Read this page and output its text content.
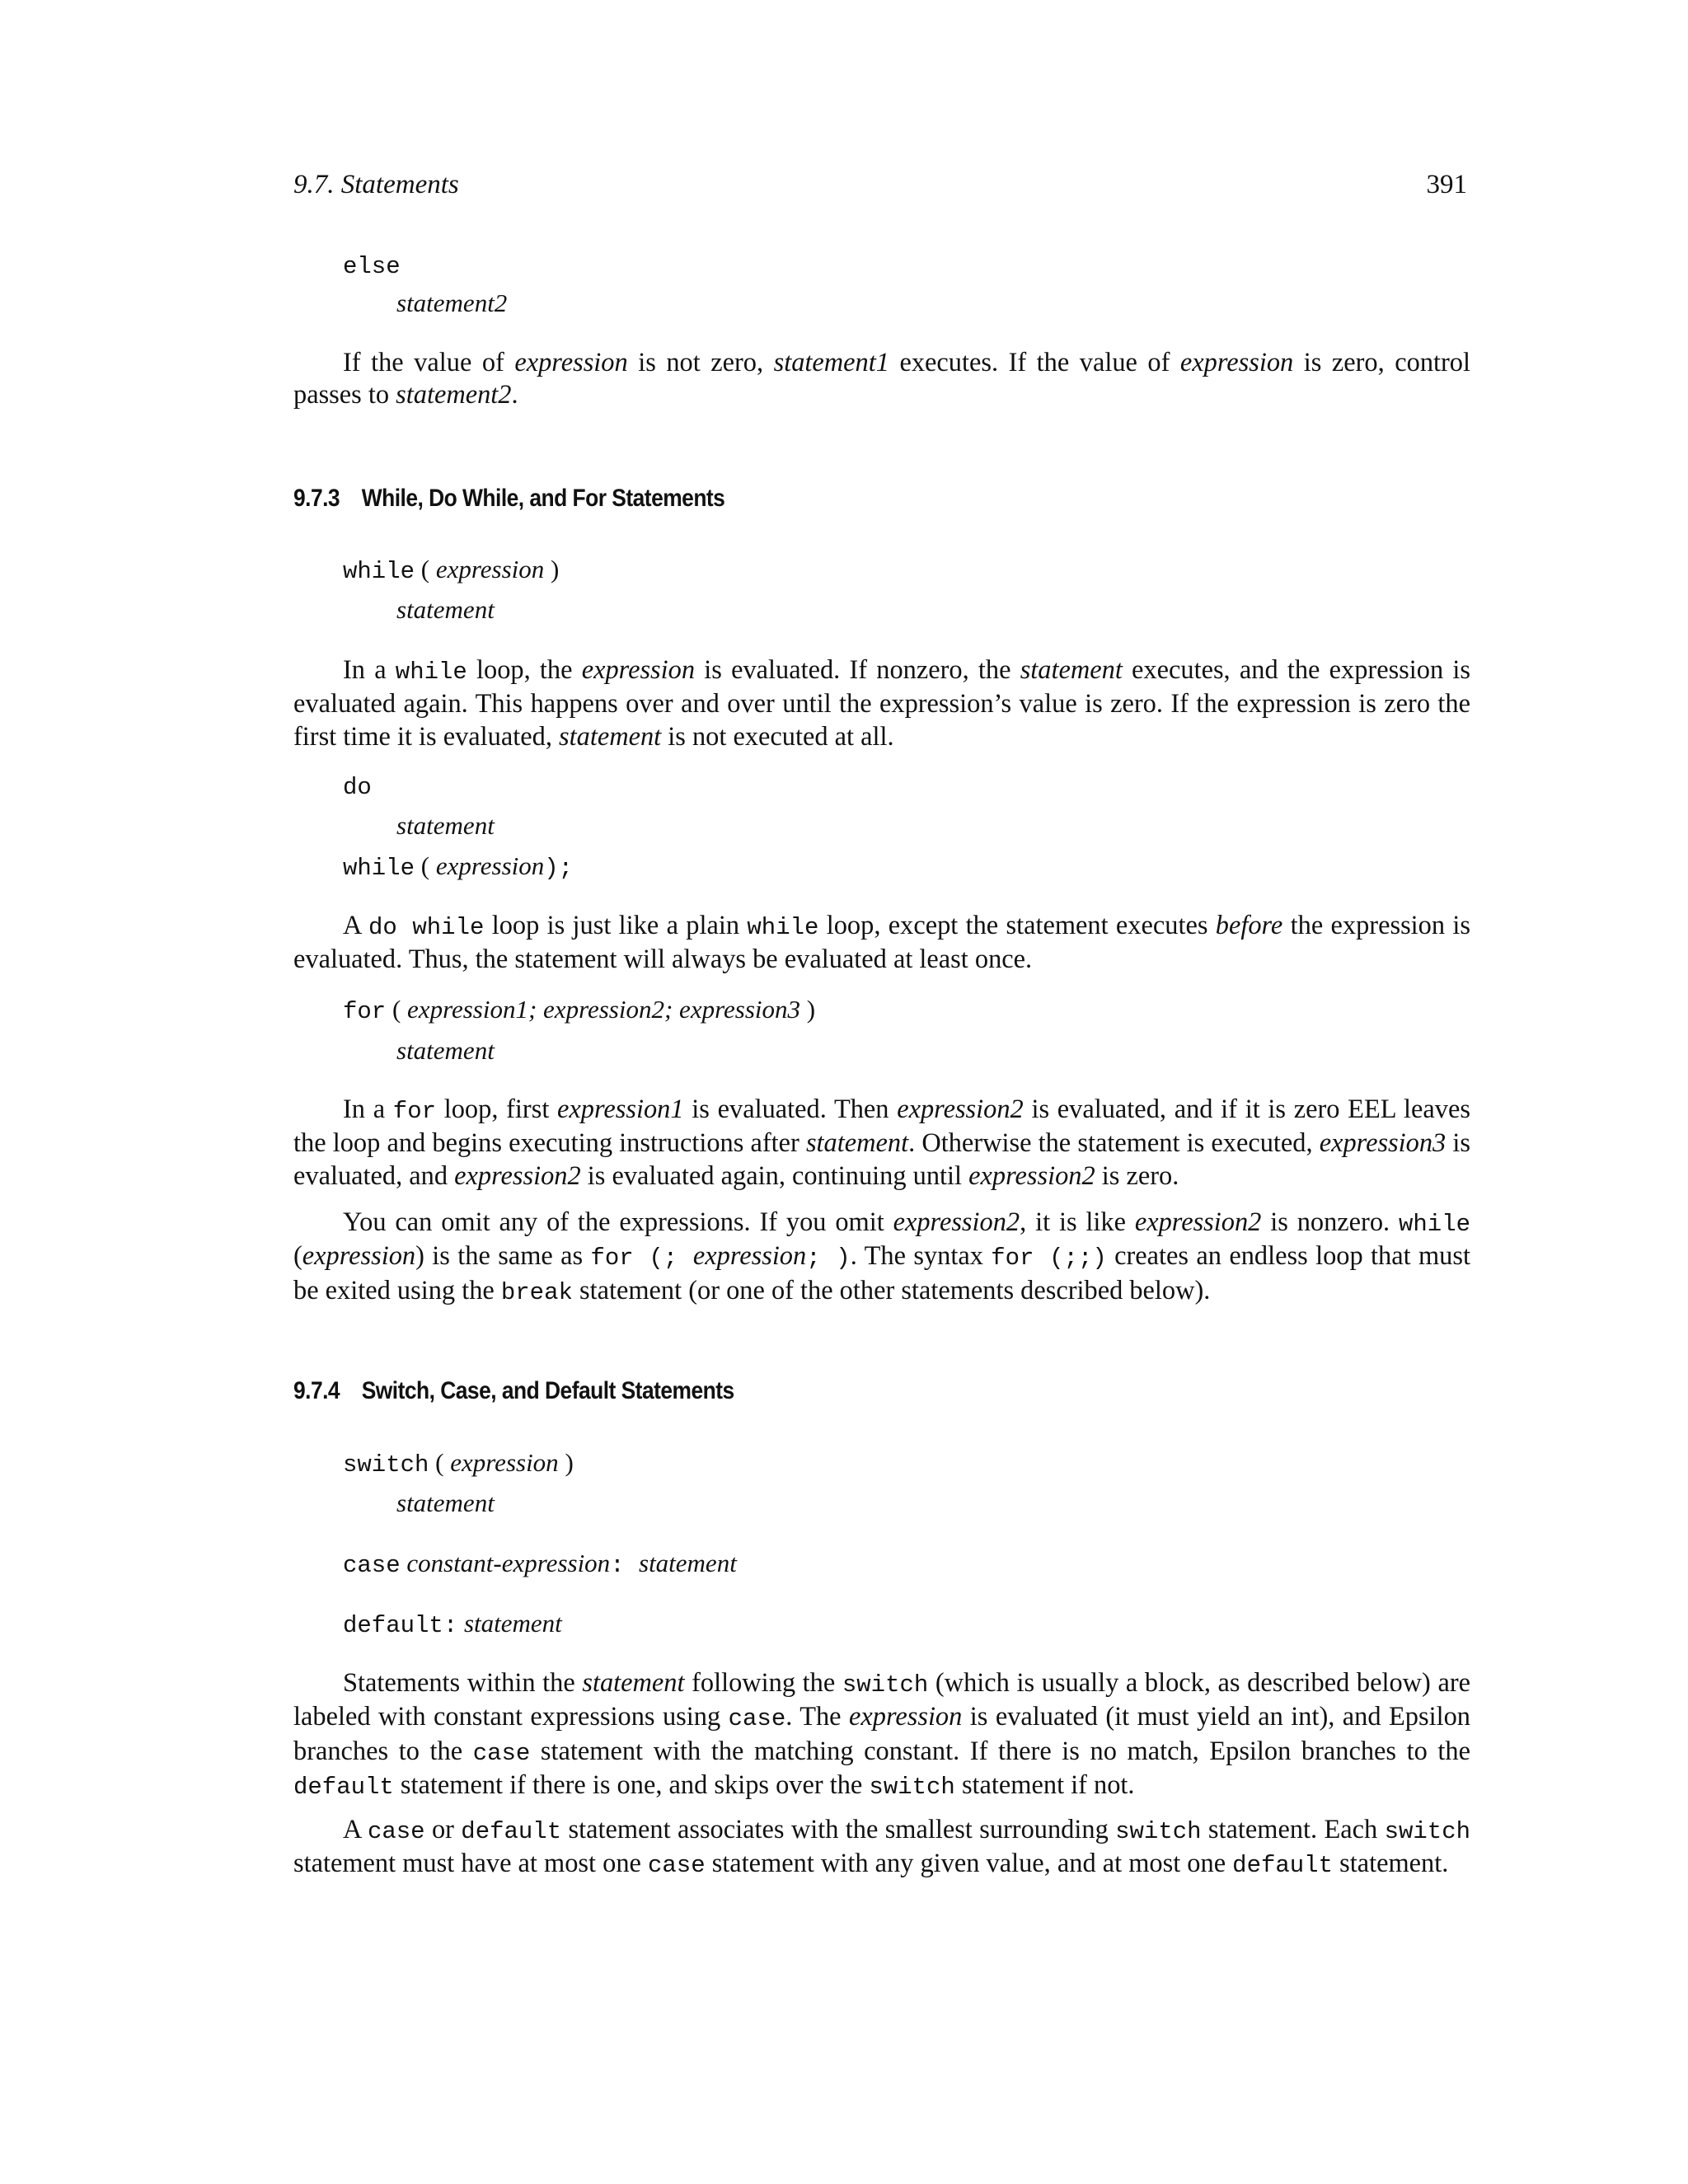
9.7. Statements	391
else
statement2
If the value of expression is not zero, statement1 executes. If the value of expression is zero, control passes to statement2.
9.7.3 While, Do While, and For Statements
while ( expression )
statement
In a while loop, the expression is evaluated. If nonzero, the statement executes, and the expression is evaluated again. This happens over and over until the expression’s value is zero. If the expression is zero the first time it is evaluated, statement is not executed at all.
do
statement
while ( expression);
A do while loop is just like a plain while loop, except the statement executes before the expression is evaluated. Thus, the statement will always be evaluated at least once.
for ( expression1; expression2; expression3 )
statement
In a for loop, first expression1 is evaluated. Then expression2 is evaluated, and if it is zero EEL leaves the loop and begins executing instructions after statement. Otherwise the statement is executed, expression3 is evaluated, and expression2 is evaluated again, continuing until expression2 is zero.
You can omit any of the expressions. If you omit expression2, it is like expression2 is nonzero. while (expression) is the same as for (; expression; ). The syntax for (;;) creates an endless loop that must be exited using the break statement (or one of the other statements described below).
9.7.4 Switch, Case, and Default Statements
switch ( expression )
statement
case constant-expression: statement
default: statement
Statements within the statement following the switch (which is usually a block, as described below) are labeled with constant expressions using case. The expression is evaluated (it must yield an int), and Epsilon branches to the case statement with the matching constant. If there is no match, Epsilon branches to the default statement if there is one, and skips over the switch statement if not.
A case or default statement associates with the smallest surrounding switch statement. Each switch statement must have at most one case statement with any given value, and at most one default statement.
